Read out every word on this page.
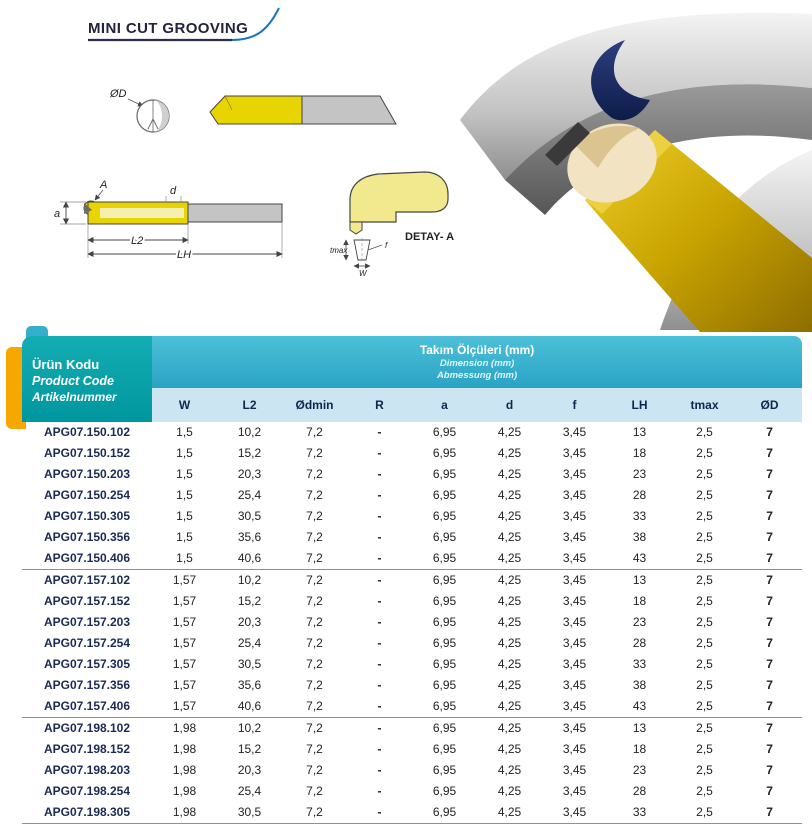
MINI CUT GROOVING
ØD
A
a
d
L2
LH
W
tmax
f
DETAY- A
Ürün Kodu
Product Code
Artikelnummer

Takım Ölçüleri (mm)
Dimension (mm)
Abmessung (mm)

	W	L2	Ødmin	R	a	d	f	LH	tmax	ØD
APG07.150.102	1,5	10,2	7,2	-	6,95	4,25	3,45	13	2,5	7
APG07.150.152	1,5	15,2	7,2	-	6,95	4,25	3,45	18	2,5	7
APG07.150.203	1,5	20,3	7,2	-	6,95	4,25	3,45	23	2,5	7
APG07.150.254	1,5	25,4	7,2	-	6,95	4,25	3,45	28	2,5	7
APG07.150.305	1,5	30,5	7,2	-	6,95	4,25	3,45	33	2,5	7
APG07.150.356	1,5	35,6	7,2	-	6,95	4,25	3,45	38	2,5	7
APG07.150.406	1,5	40,6	7,2	-	6,95	4,25	3,45	43	2,5	7
APG07.157.102	1,57	10,2	7,2	-	6,95	4,25	3,45	13	2,5	7
APG07.157.152	1,57	15,2	7,2	-	6,95	4,25	3,45	18	2,5	7
APG07.157.203	1,57	20,3	7,2	-	6,95	4,25	3,45	23	2,5	7
APG07.157.254	1,57	25,4	7,2	-	6,95	4,25	3,45	28	2,5	7
APG07.157.305	1,57	30,5	7,2	-	6,95	4,25	3,45	33	2,5	7
APG07.157.356	1,57	35,6	7,2	-	6,95	4,25	3,45	38	2,5	7
APG07.157.406	1,57	40,6	7,2	-	6,95	4,25	3,45	43	2,5	7
APG07.198.102	1,98	10,2	7,2	-	6,95	4,25	3,45	13	2,5	7
APG07.198.152	1,98	15,2	7,2	-	6,95	4,25	3,45	18	2,5	7
APG07.198.203	1,98	20,3	7,2	-	6,95	4,25	3,45	23	2,5	7
APG07.198.254	1,98	25,4	7,2	-	6,95	4,25	3,45	28	2,5	7
APG07.198.305	1,98	30,5	7,2	-	6,95	4,25	3,45	33	2,5	7
